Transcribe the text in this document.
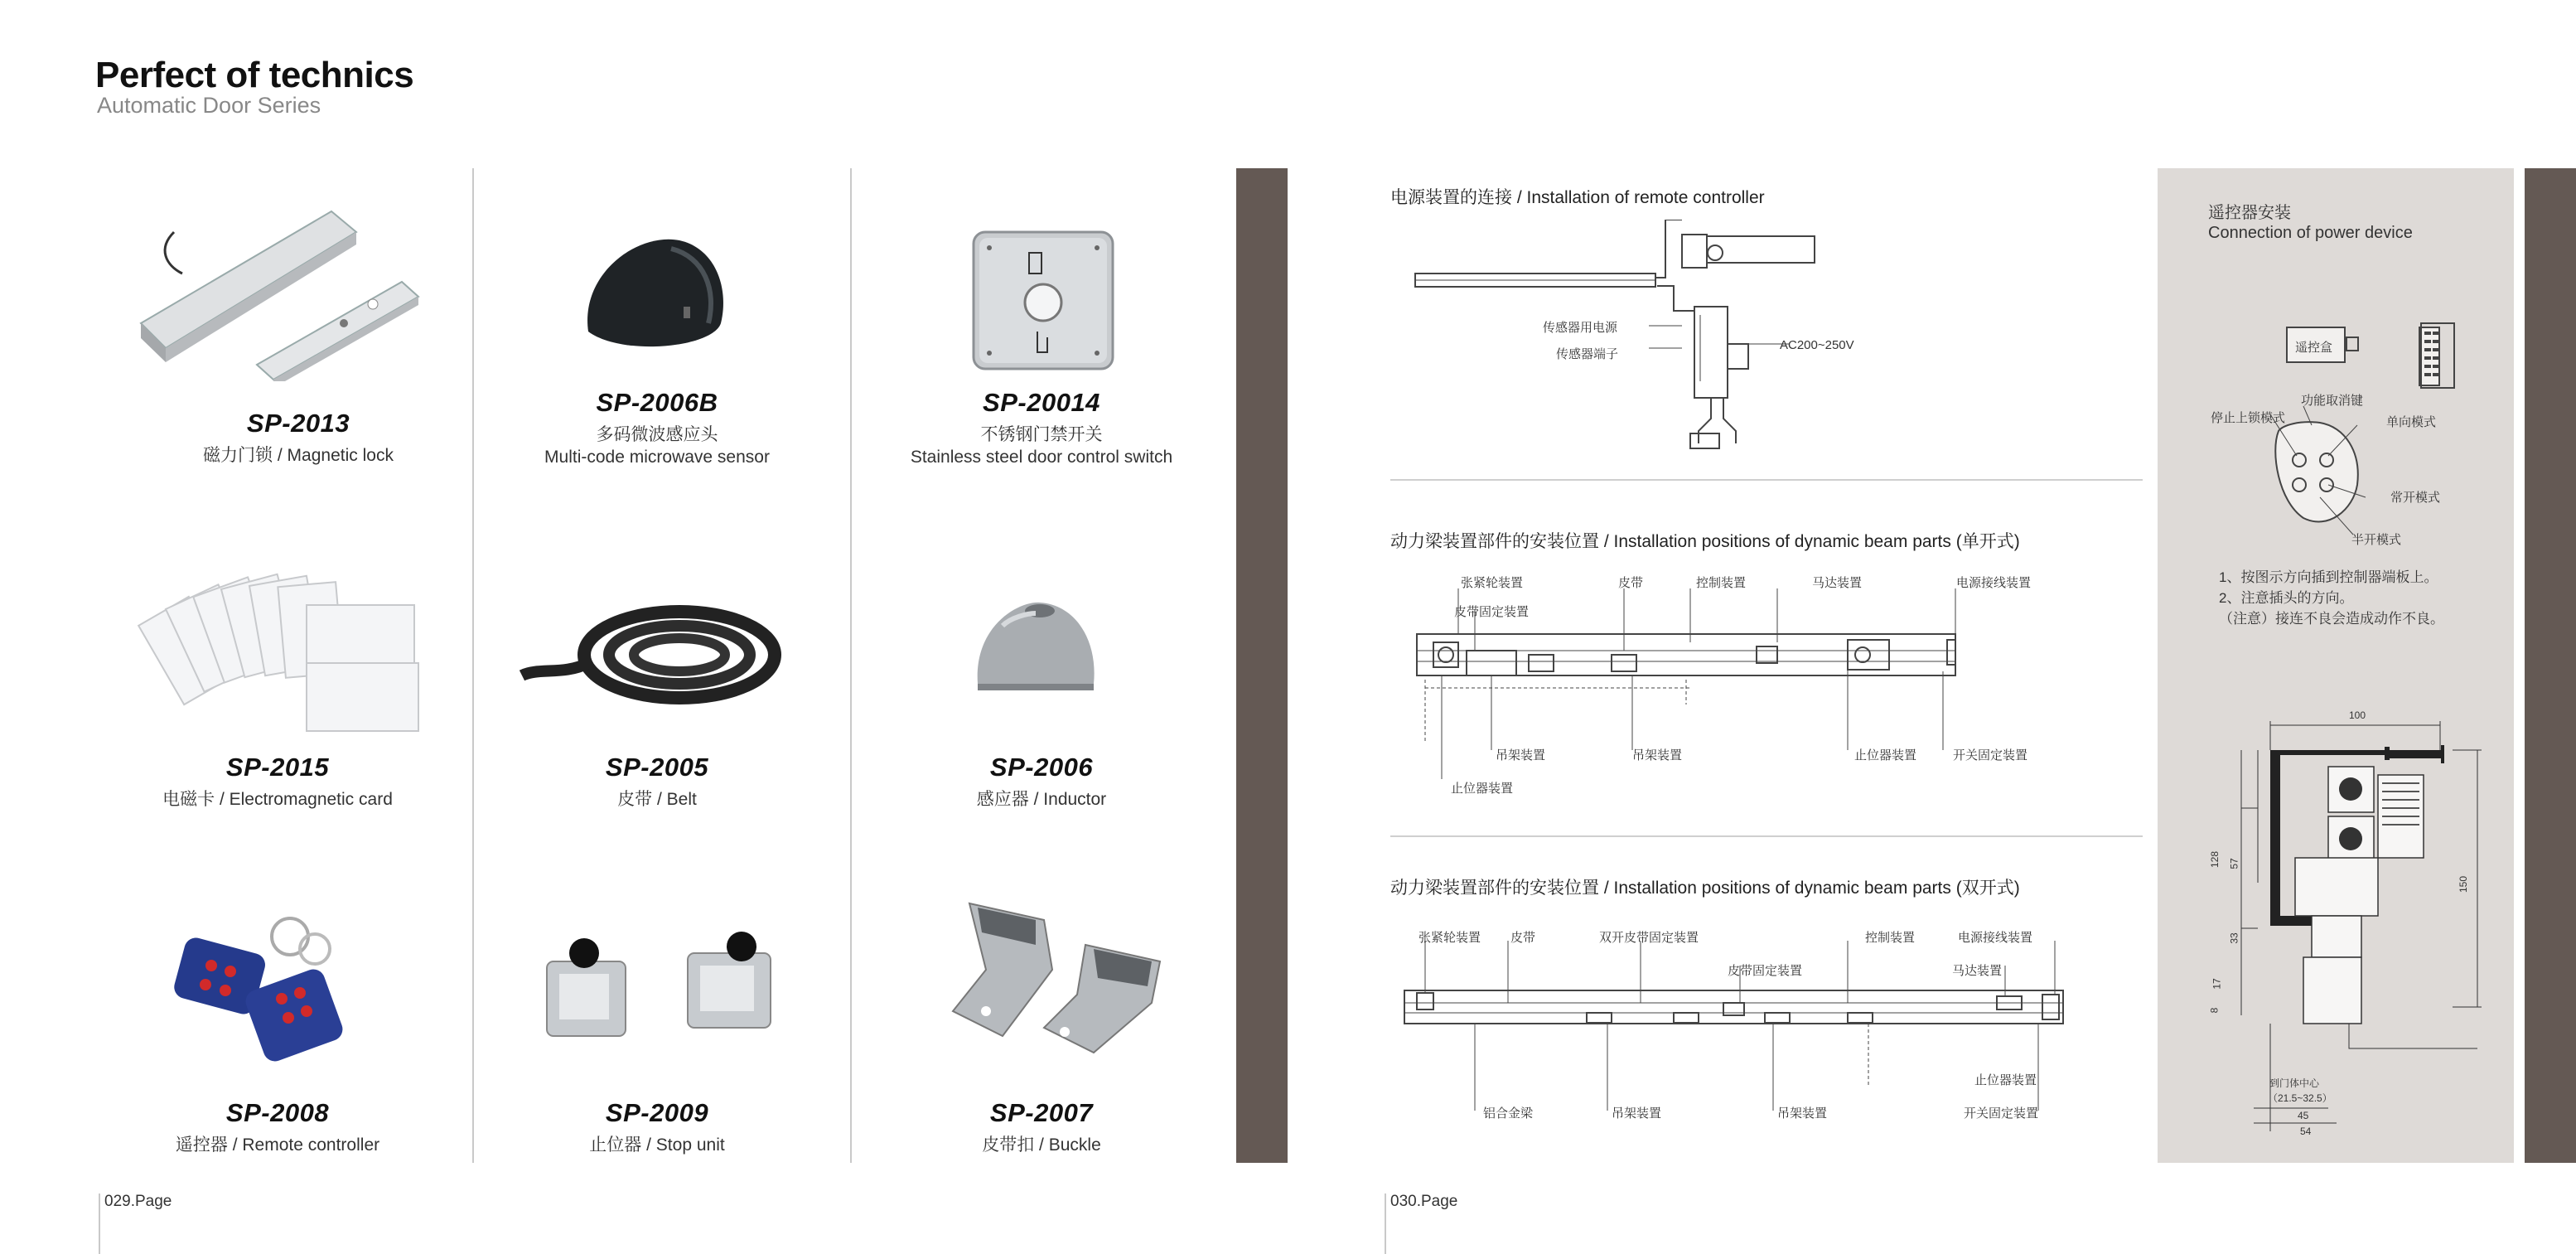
Perfect of technics
Automatic Door Series
SP-2013
磁力门锁 / Magnetic lock
SP-2006B
多码微波感应头
Multi-code microwave sensor
SP-20014
不锈钢门禁开关
Stainless steel door control switch
SP-2015
电磁卡 / Electromagnetic card
SP-2005
皮带 / Belt
SP-2006
感应器 / Inductor
SP-2008
遥控器 / Remote controller
SP-2009
止位器 / Stop unit
SP-2007
皮带扣 / Buckle
029.Page	030.Page
电源装置的连接 / Installation of remote controller
传感器用电源
传感器端子
AC200~250V
动力梁装置部件的安装位置 / Installation positions of dynamic beam parts (单开式)
张紧轮装置
皮带固定装置
皮带	控制装置	马达装置	电源接线装置
吊架装置	吊架装置	止位器装置	开关固定装置
止位器装置
动力梁装置部件的安装位置 / Installation positions of dynamic beam parts (双开式)
张紧轮装置 皮带	双开皮带固定装置
皮带固定装置
控制装置	电源接线装置
马达装置
铝合金梁	吊架装置	吊架装置
止位器装置
开关固定装置
遥控器安装
Connection of power device
遥控盒
功能取消键
停止上锁模式	单向模式
常开模式
半开模式
1、按图示方向插到控制器端板上。
2、注意插头的方向。
（注意）接连不良会造成动作不良。
100
150
128 57
33
17
8
到门体中心
（21.5~32.5）
45
54
